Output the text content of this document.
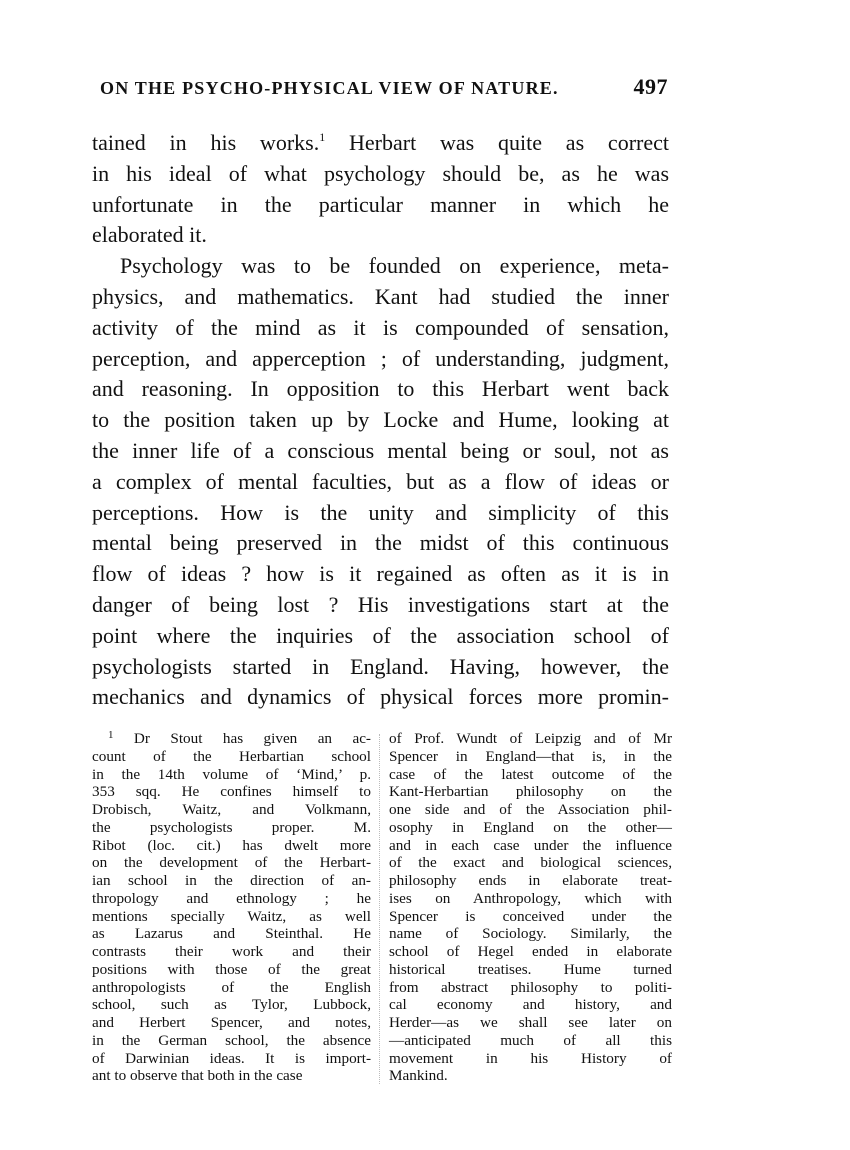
ON THE PSYCHO-PHYSICAL VIEW OF NATURE.	497
tained in his works.$^1$ Herbart was quite as correct
in his ideal of what psychology should be, as he was
unfortunate in the particular manner in which he
elaborated it.
Psychology was to be founded on experience, meta-
physics, and mathematics. Kant had studied the inner
activity of the mind as it is compounded of sensation,
perception, and apperception ; of understanding, judgment,
and reasoning. In opposition to this Herbart went back
to the position taken up by Locke and Hume, looking at
the inner life of a conscious mental being or soul, not as
a complex of mental faculties, but as a flow of ideas or
perceptions. How is the unity and simplicity of this
mental being preserved in the midst of this continuous
flow of ideas ? how is it regained as often as it is in
danger of being lost ? His investigations start at the
point where the inquiries of the association school of
psychologists started in England. Having, however, the
mechanics and dynamics of physical forces more promin-
$^1$ Dr Stout has given an ac-
count of the Herbartian school
in the 14th volume of ‘Mind,’ p.
353 sqq. He confines himself to
Drobisch, Waitz, and Volkmann,
the psychologists proper. M.
Ribot (loc. cit.) has dwelt more
on the development of the Herbart-
ian school in the direction of an-
thropology and ethnology ; he
mentions specially Waitz, as well
as Lazarus and Steinthal. He
contrasts their work and their
positions with those of the great
anthropologists of the English
school, such as Tylor, Lubbock,
and Herbert Spencer, and notes,
in the German school, the absence
of Darwinian ideas. It is import-
ant to observe that both in the case
of Prof. Wundt of Leipzig and of Mr
Spencer in England—that is, in the
case of the latest outcome of the
Kant-Herbartian philosophy on the
one side and of the Association phil-
osophy in England on the other—
and in each case under the influence
of the exact and biological sciences,
philosophy ends in elaborate treat-
ises on Anthropology, which with
Spencer is conceived under the
name of Sociology. Similarly, the
school of Hegel ended in elaborate
historical treatises. Hume turned
from abstract philosophy to politi-
cal economy and history, and
Herder—as we shall see later on
—anticipated much of all this
movement in his History of
Mankind.
